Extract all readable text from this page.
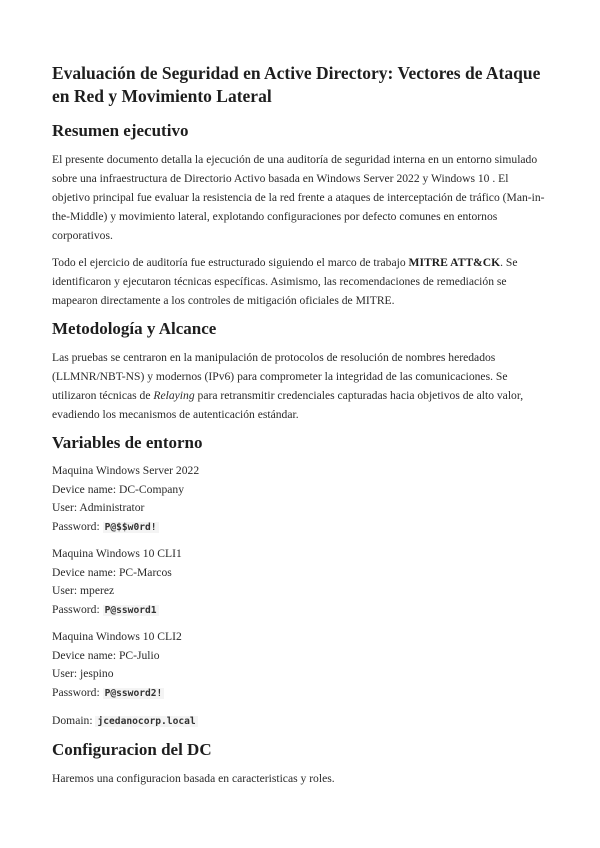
Evaluación de Seguridad en Active Directory: Vectores de Ataque en Red y Movimiento Lateral
Resumen ejecutivo

El presente documento detalla la ejecución de una auditoría de seguridad interna en un entorno simulado sobre una infraestructura de Directorio Activo basada en Windows Server 2022 y Windows 10 . El objetivo principal fue evaluar la resistencia de la red frente a ataques de interceptación de tráfico (Man-in-the-Middle) y movimiento lateral, explotando configuraciones por defecto comunes en entornos corporativos.

Todo el ejercicio de auditoría fue estructurado siguiendo el marco de trabajo MITRE ATT&CK. Se identificaron y ejecutaron técnicas específicas. Asimismo, las recomendaciones de remediación se mapearon directamente a los controles de mitigación oficiales de MITRE.

Metodología y Alcance

Las pruebas se centraron en la manipulación de protocolos de resolución de nombres heredados (LLMNR/NBT-NS) y modernos (IPv6) para comprometer la integridad de las comunicaciones. Se utilizaron técnicas de Relaying para retransmitir credenciales capturadas hacia objetivos de alto valor, evadiendo los mecanismos de autenticación estándar.

Variables de entorno
Maquina Windows Server 2022
Device name: DC-Company
User: Administrator
Password: P@$$w0rd!
Maquina Windows 10 CLI1
Device name: PC-Marcos
User: mperez
Password: P@ssword1
Maquina Windows 10 CLI2
Device name: PC-Julio
User: jespino
Password: P@ssword2!
Domain: jcedanocorp.local
Configuracion del DC

Haremos una configuracion basada en caracteristicas y roles.
